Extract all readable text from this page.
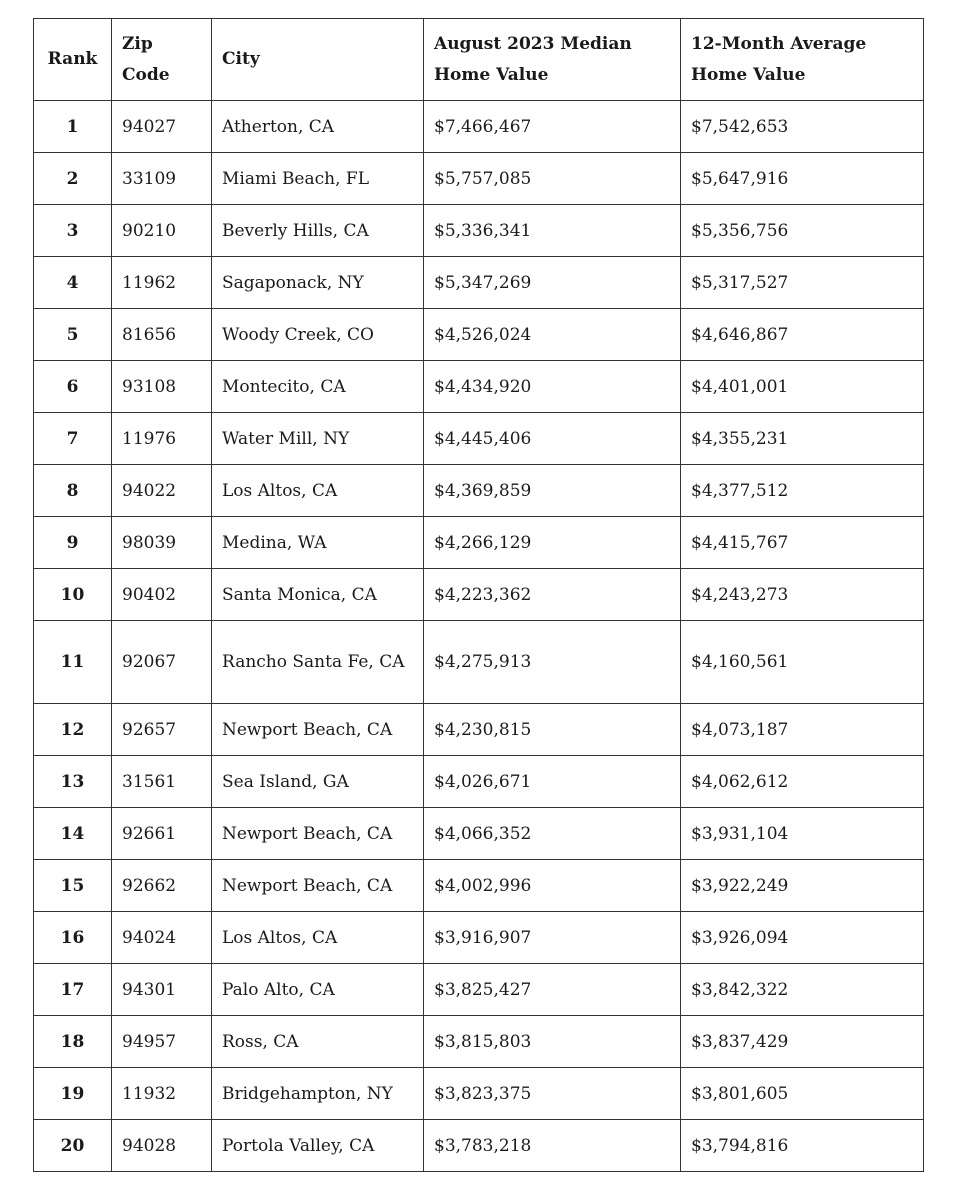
Rank	Zip Code	City	August 2023 Median Home Value	12-Month Average Home Value
1	94027	Atherton, CA	$7,466,467	$7,542,653
2	33109	Miami Beach, FL	$5,757,085	$5,647,916
3	90210	Beverly Hills, CA	$5,336,341	$5,356,756
4	11962	Sagaponack, NY	$5,347,269	$5,317,527
5	81656	Woody Creek, CO	$4,526,024	$4,646,867
6	93108	Montecito, CA	$4,434,920	$4,401,001
7	11976	Water Mill, NY	$4,445,406	$4,355,231
8	94022	Los Altos, CA	$4,369,859	$4,377,512
9	98039	Medina, WA	$4,266,129	$4,415,767
10	90402	Santa Monica, CA	$4,223,362	$4,243,273
11	92067	Rancho Santa Fe, CA	$4,275,913	$4,160,561
12	92657	Newport Beach, CA	$4,230,815	$4,073,187
13	31561	Sea Island, GA	$4,026,671	$4,062,612
14	92661	Newport Beach, CA	$4,066,352	$3,931,104
15	92662	Newport Beach, CA	$4,002,996	$3,922,249
16	94024	Los Altos, CA	$3,916,907	$3,926,094
17	94301	Palo Alto, CA	$3,825,427	$3,842,322
18	94957	Ross, CA	$3,815,803	$3,837,429
19	11932	Bridgehampton, NY	$3,823,375	$3,801,605
20	94028	Portola Valley, CA	$3,783,218	$3,794,816
